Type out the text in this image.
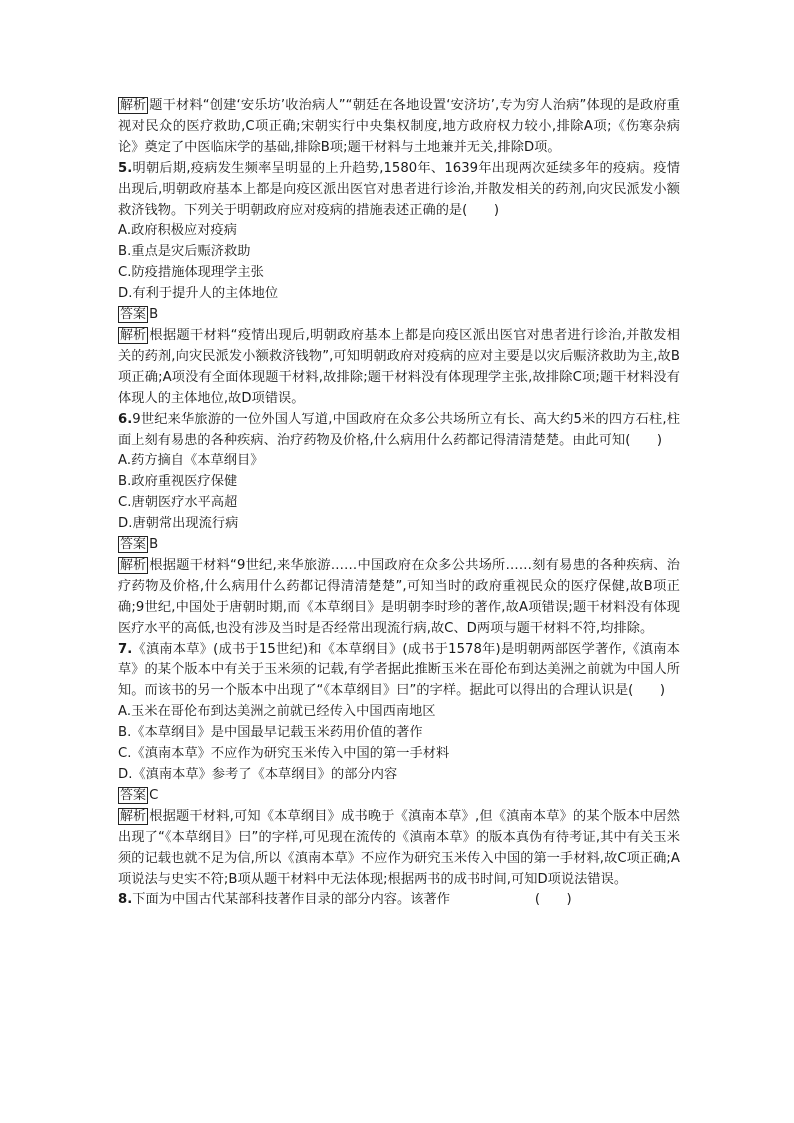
解析 题干材料“创建‘安乐坊’收治病人”“朝廷在各地设置‘安济坊’,专为穷人治病”体现的是政府重视对民众的医疗救助,C项正确;宋朝实行中央集权制度,地方政府权力较小,排除A项;《伤寒杂病论》奠定了中医临床学的基础,排除B项;题干材料与土地兼并无关,排除D项。

5.明朝后期,疫病发生频率呈明显的上升趋势,1580年、1639年出现两次延续多年的疫病。疫情出现后,明朝政府基本上都是向疫区派出医官对患者进行诊治,并散发相关的药剂,向灾民派发小额救济钱物。下列关于明朝政府应对疫病的措施表述正确的是(　　)

A.政府积极应对疫病

B.重点是灾后赈济救助

C.防疫措施体现理学主张

D.有利于提升人的主体地位

答案 B

解析 根据题干材料“疫情出现后,明朝政府基本上都是向疫区派出医官对患者进行诊治,并散发相关的药剂,向灾民派发小额救济钱物”,可知明朝政府对疫病的应对主要是以灾后赈济救助为主,故B项正确;A项没有全面体现题干材料,故排除;题干材料没有体现理学主张,故排除C项;题干材料没有体现人的主体地位,故D项错误。

6.9世纪来华旅游的一位外国人写道,中国政府在众多公共场所立有长、高大约5米的四方石柱,柱面上刻有易患的各种疾病、治疗药物及价格,什么病用什么药都记得清清楚楚。由此可知(　　)

A.药方摘自《本草纲目》

B.政府重视医疗保健

C.唐朝医疗水平高超

D.唐朝常出现流行病

答案 B

解析 根据题干材料“9世纪,来华旅游……中国政府在众多公共场所……刻有易患的各种疾病、治疗药物及价格,什么病用什么药都记得清清楚楚”,可知当时的政府重视民众的医疗保健,故B项正确;9世纪,中国处于唐朝时期,而《本草纲目》是明朝李时珍的著作,故A项错误;题干材料没有体现医疗水平的高低,也没有涉及当时是否经常出现流行病,故C、D两项与题干材料不符,均排除。

7.《滇南本草》(成书于15世纪)和《本草纲目》(成书于1578年)是明朝两部医学著作,《滇南本草》的某个版本中有关于玉米须的记载,有学者据此推断玉米在哥伦布到达美洲之前就为中国人所知。而该书的另一个版本中出现了“《本草纲目》曰”的字样。据此可以得出的合理认识是(　　)

A.玉米在哥伦布到达美洲之前就已经传入中国西南地区

B.《本草纲目》是中国最早记载玉米药用价值的著作

C.《滇南本草》不应作为研究玉米传入中国的第一手材料

D.《滇南本草》参考了《本草纲目》的部分内容

答案 C

解析 根据题干材料,可知《本草纲目》成书晚于《滇南本草》,但《滇南本草》的某个版本中居然出现了“《本草纲目》曰”的字样,可见现在流传的《滇南本草》的版本真伪有待考证,其中有关玉米须的记载也就不足为信,所以《滇南本草》不应作为研究玉米传入中国的第一手材料,故C项正确;A项说法与史实不符;B项从题干材料中无法体现;根据两书的成书时间,可知D项说法错误。

8.下面为中国古代某部科技著作目录的部分内容。该著作                    (　　)
